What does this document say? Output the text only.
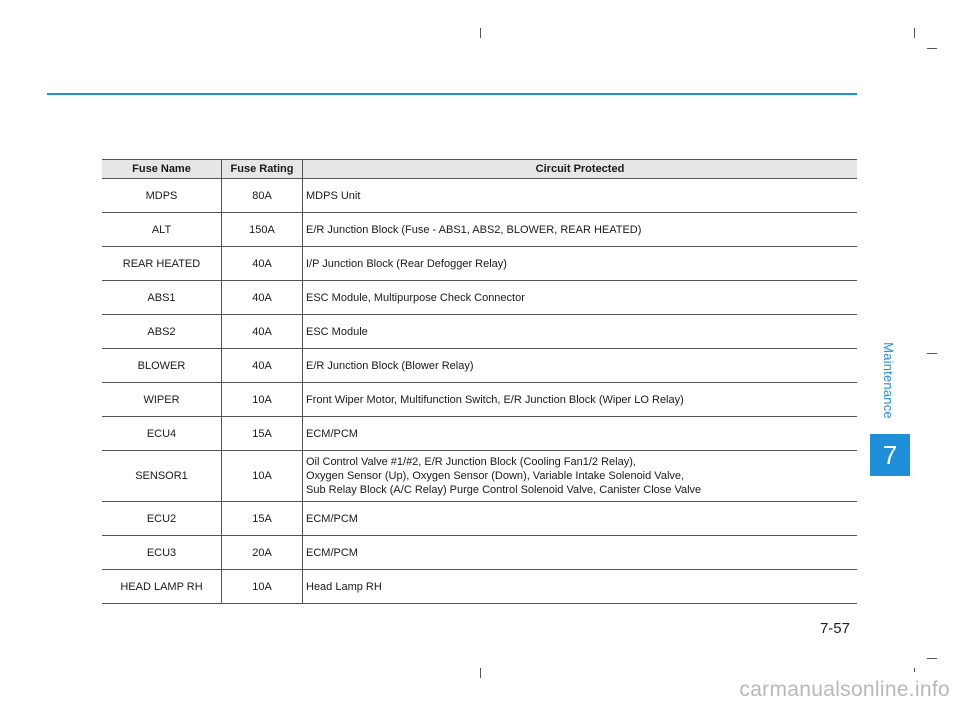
Fuse Name	Fuse Rating	Circuit Protected
MDPS	80A	MDPS Unit

ALT	150A	E/R Junction Block (Fuse - ABS1, ABS2, BLOWER, REAR HEATED)

REAR HEATED	40A	I/P Junction Block (Rear Defogger Relay)

ABS1	40A	ESC Module, Multipurpose Check Connector

ABS2	40A	ESC Module

BLOWER	40A	E/R Junction Block (Blower Relay)

WIPER	10A	Front Wiper Motor, Multifunction Switch, E/R Junction Block (Wiper LO Relay)

ECU4	15A	ECM/PCM

SENSOR1	10A	Oil Control Valve #1/#2, E/R Junction Block (Cooling Fan1/2 Relay),
Oxygen Sensor (Up), Oxygen Sensor (Down), Variable Intake Solenoid Valve,
Sub Relay Block (A/C Relay) Purge Control Solenoid Valve, Canister Close Valve

ECU2	15A	ECM/PCM

ECU3	20A	ECM/PCM

HEAD LAMP RH	10A	Head Lamp RH
Maintenance
7
7-57
carmanualsonline.info
